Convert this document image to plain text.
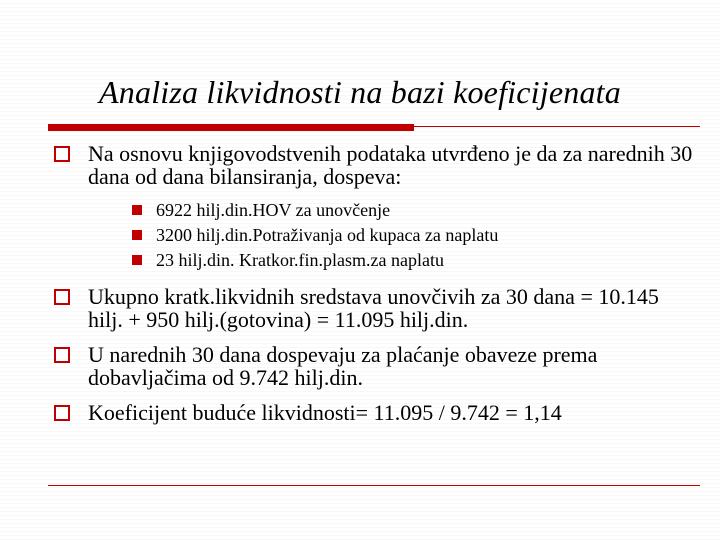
Analiza likvidnosti na bazi koeficijenata
Na osnovu knjigovodstvenih podataka utvrđeno je da za narednih 30 dana od dana bilansiranja, dospeva:
6922 hilj.din.HOV za unovčenje
3200 hilj.din.Potraživanja od kupaca za naplatu
23 hilj.din. Kratkor.fin.plasm.za naplatu
Ukupno kratk.likvidnih sredstava unovčivih za 30 dana = 10.145 hilj. + 950 hilj.(gotovina) = 11.095 hilj.din.
U narednih 30 dana dospevaju za plaćanje obaveze prema dobavljačima od 9.742 hilj.din.
Koeficijent buduće likvidnosti= 11.095 / 9.742 = 1,14
